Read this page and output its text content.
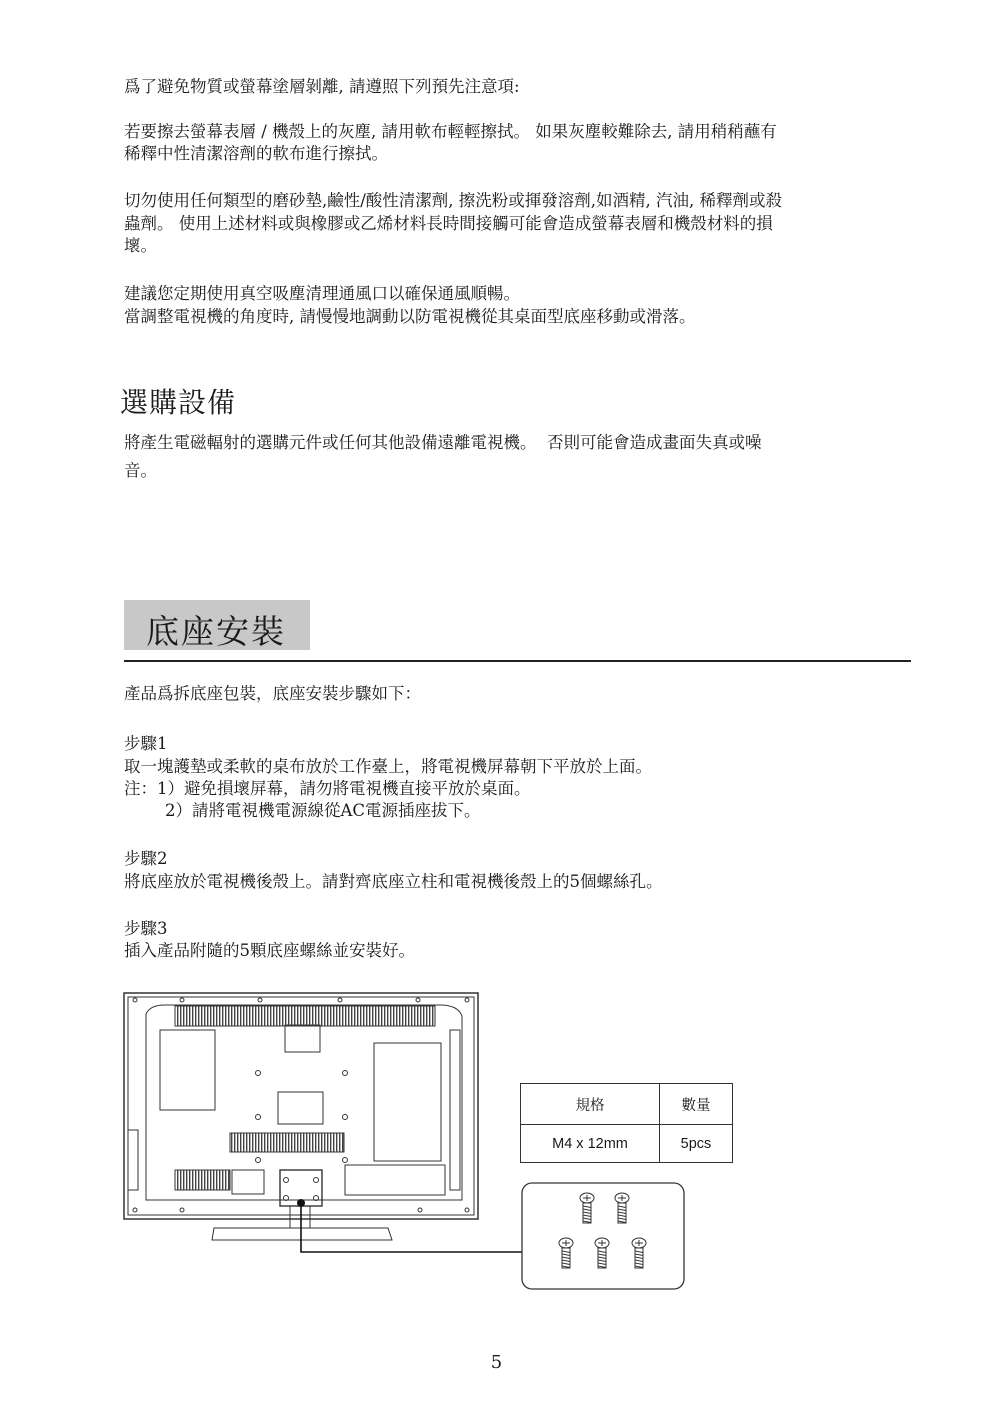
爲了避免物質或螢幕塗層剝離, 請遵照下列預先注意項:

若要擦去螢幕表層 / 機殼上的灰塵, 請用軟布輕輕擦拭。 如果灰塵較難除去, 請用稍稍蘸有

稀釋中性清潔溶劑的軟布進行擦拭。

切勿使用任何類型的磨砂墊,鹼性/酸性清潔劑, 擦洗粉或揮發溶劑,如酒精, 汽油, 稀釋劑或殺

蟲劑。 使用上述材料或與橡膠或乙烯材料長時間接觸可能會造成螢幕表層和機殼材料的損

壞。

建議您定期使用真空吸塵清理通風口以確保通風順暢。

當調整電視機的角度時, 請慢慢地調動以防電視機從其桌面型底座移動或滑落。

選購設備

將產生電磁輻射的選購元件或任何其他設備遠離電視機。  否則可能會造成畫面失真或噪

音。

底座安裝

產品爲拆底座包裝，底座安裝步驟如下：

步驟1

取一塊護墊或柔軟的桌布放於工作臺上，將電視機屏幕朝下平放於上面。

注：1）避免損壞屏幕，請勿將電視機直接平放於桌面。

2）請將電視機電源線從AC電源插座拔下。

步驟2

將底座放於電視機後殼上。請對齊底座立柱和電視機後殼上的5個螺絲孔。

步驟3

插入產品附隨的5顆底座螺絲並安裝好。

規格	數量
M4 x 12mm	5pcs
5
